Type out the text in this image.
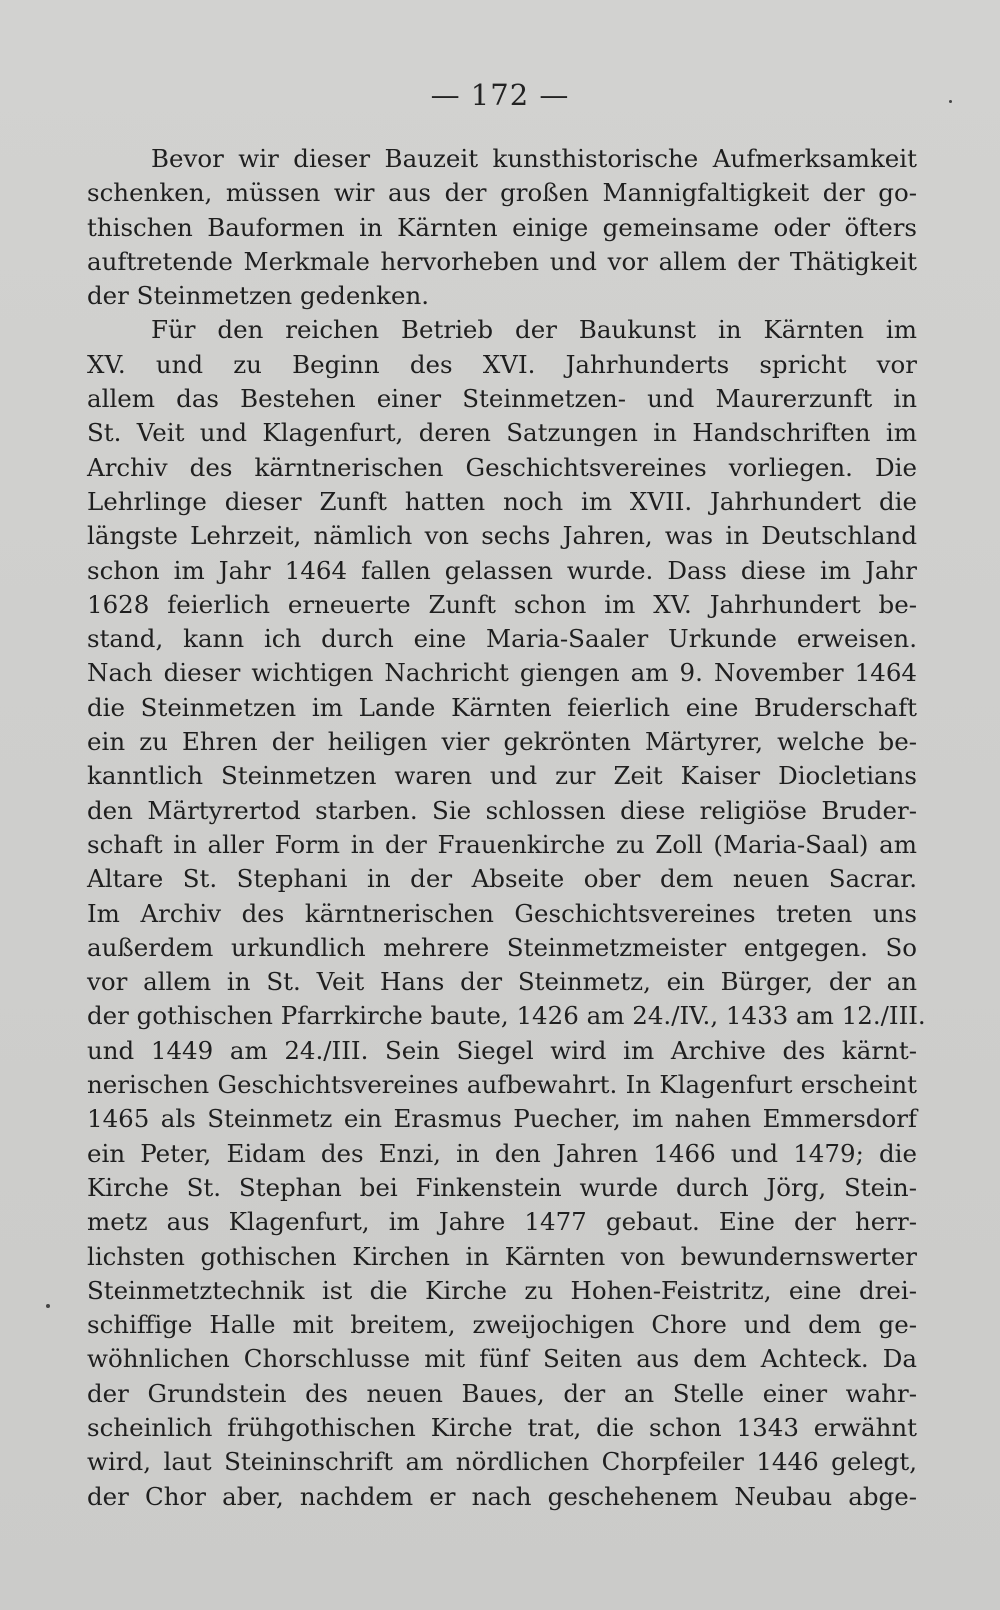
— 172 —
Bevor wir dieser Bauzeit kunsthistorische Aufmerksamkeit
schenken, müssen wir aus der großen Mannigfaltigkeit der go-
thischen Bauformen in Kärnten einige gemeinsame oder öfters
auftretende Merkmale hervorheben und vor allem der Thätigkeit
der Steinmetzen gedenken.
Für den reichen Betrieb der Baukunst in Kärnten im
XV. und zu Beginn des XVI. Jahrhunderts spricht vor
allem das Bestehen einer Steinmetzen- und Maurerzunft in
St. Veit und Klagenfurt, deren Satzungen in Handschriften im
Archiv des kärntnerischen Geschichtsvereines vorliegen. Die
Lehrlinge dieser Zunft hatten noch im XVII. Jahrhundert die
längste Lehrzeit, nämlich von sechs Jahren, was in Deutschland
schon im Jahr 1464 fallen gelassen wurde. Dass diese im Jahr
1628 feierlich erneuerte Zunft schon im XV. Jahrhundert be-
stand, kann ich durch eine Maria-Saaler Urkunde erweisen.
Nach dieser wichtigen Nachricht giengen am 9. November 1464
die Steinmetzen im Lande Kärnten feierlich eine Bruderschaft
ein zu Ehren der heiligen vier gekrönten Märtyrer, welche be-
kanntlich Steinmetzen waren und zur Zeit Kaiser Diocletians
den Märtyrertod starben. Sie schlossen diese religiöse Bruder-
schaft in aller Form in der Frauenkirche zu Zoll (Maria-Saal) am
Altare St. Stephani in der Abseite ober dem neuen Sacrar.
Im Archiv des kärntnerischen Geschichtsvereines treten uns
außerdem urkundlich mehrere Steinmetzmeister entgegen. So
vor allem in St. Veit Hans der Steinmetz, ein Bürger, der an
der gothischen Pfarrkirche baute, 1426 am 24./IV., 1433 am 12./III.
und 1449 am 24./III. Sein Siegel wird im Archive des kärnt-
nerischen Geschichtsvereines aufbewahrt. In Klagenfurt erscheint
1465 als Steinmetz ein Erasmus Puecher, im nahen Emmersdorf
ein Peter, Eidam des Enzi, in den Jahren 1466 und 1479; die
Kirche St. Stephan bei Finkenstein wurde durch Jörg, Stein-
metz aus Klagenfurt, im Jahre 1477 gebaut. Eine der herr-
lichsten gothischen Kirchen in Kärnten von bewundernswerter
Steinmetztechnik ist die Kirche zu Hohen-Feistritz, eine drei-
schiffige Halle mit breitem, zweijochigen Chore und dem ge-
wöhnlichen Chorschlusse mit fünf Seiten aus dem Achteck. Da
der Grundstein des neuen Baues, der an Stelle einer wahr-
scheinlich frühgothischen Kirche trat, die schon 1343 erwähnt
wird, laut Steininschrift am nördlichen Chorpfeiler 1446 gelegt,
der Chor aber, nachdem er nach geschehenem Neubau abge-
